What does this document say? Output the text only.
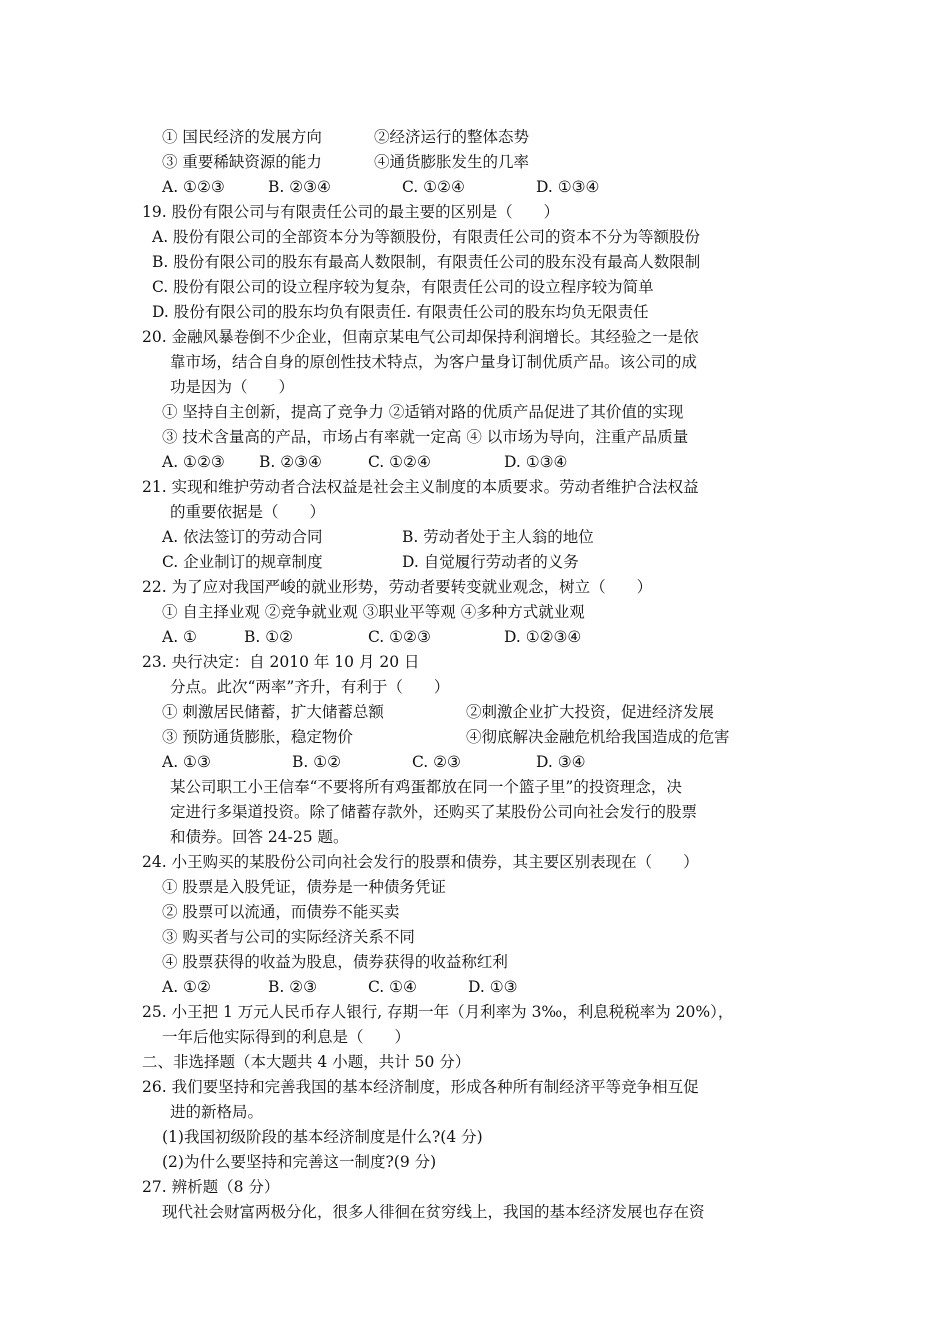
① 国民经济的发展方向	②经济运行的整体态势
③ 重要稀缺资源的能力	④通货膨胀发生的几率
A. ①②③	B. ②③④	C. ①②④	D. ①③④
19. 股份有限公司与有限责任公司的最主要的区别是（　　）
A. 股份有限公司的全部资本分为等额股份，有限责任公司的资本不分为等额股份
B. 股份有限公司的股东有最高人数限制，有限责任公司的股东没有最高人数限制
C. 股份有限公司的设立程序较为复杂，有限责任公司的设立程序较为简单
D. 股份有限公司的股东均负有限责任. 有限责任公司的股东均负无限责任
20. 金融风暴卷倒不少企业，但南京某电气公司却保持利润增长。其经验之一是依
靠市场，结合自身的原创性技术特点，为客户量身订制优质产品。该公司的成
功是因为（　　）
① 坚持自主创新，提高了竞争力 ②适销对路的优质产品促进了其价值的实现
③ 技术含量高的产品，市场占有率就一定高 ④ 以市场为导向，注重产品质量
A. ①②③ B. ②③④	C. ①②④	D. ①③④
21. 实现和维护劳动者合法权益是社会主义制度的本质要求。劳动者维护合法权益
的重要依据是（　　）
A. 依法签订的劳动合同	B. 劳动者处于主人翁的地位
C. 企业制订的规章制度	D. 自觉履行劳动者的义务
22. 为了应对我国严峻的就业形势，劳动者要转变就业观念，树立（　　）
① 自主择业观 ②竞争就业观 ③职业平等观 ④多种方式就业观
A. ①	B. ①②	C. ①②③	D. ①②③④
23. 央行决定：自 2010 年 10 月 20 日
分点。此次“两率”齐升，有利于（　　）
① 刺激居民储蓄，扩大储蓄总额	②刺激企业扩大投资，促进经济发展
③ 预防通货膨胀，稳定物价	④彻底解决金融危机给我国造成的危害
A. ①③	B. ①②	C. ②③	D. ③④
某公司职工小王信奉“不要将所有鸡蛋都放在同一个篮子里”的投资理念，决
定进行多渠道投资。除了储蓄存款外，还购买了某股份公司向社会发行的股票
和债券。回答 24-25 题。
24. 小王购买的某股份公司向社会发行的股票和债券，其主要区别表现在（　　）
① 股票是入股凭证，债券是一种债务凭证
② 股票可以流通，而债券不能买卖
③ 购买者与公司的实际经济关系不同
④ 股票获得的收益为股息，债券获得的收益称红利
A. ①②	B. ②③	C. ①④	D. ①③
25. 小王把 1 万元人民币存人银行, 存期一年（月利率为 3‰，利息税税率为 20%），
一年后他实际得到的利息是（　　）
二、非选择题（本大题共 4 小题，共计 50 分）
26. 我们要坚持和完善我国的基本经济制度，形成各种所有制经济平等竞争相互促
进的新格局。
(1)我国初级阶段的基本经济制度是什么?(4 分)
(2)为什么要坚持和完善这一制度?(9 分)
27. 辨析题（8 分）
现代社会财富两极分化，很多人徘徊在贫穷线上，我国的基本经济发展也存在资
